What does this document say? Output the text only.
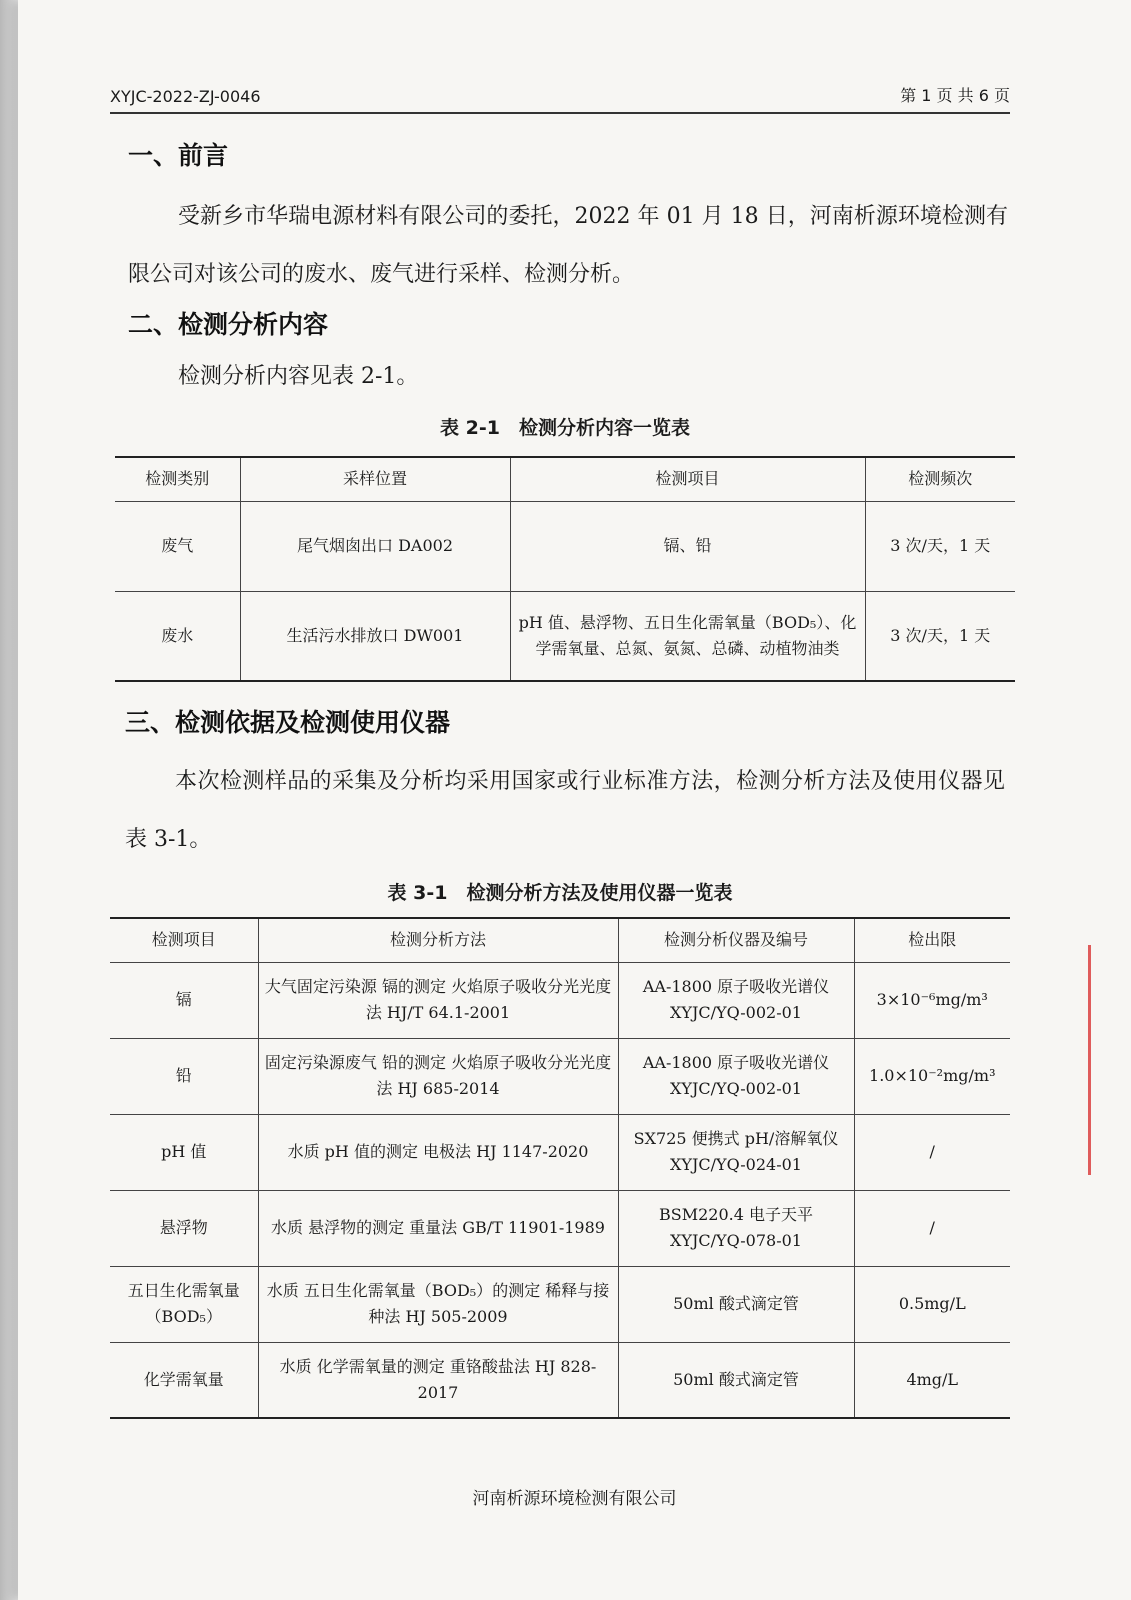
XYJC-2022-ZJ-0046	第 1 页 共 6 页
一、前言
受新乡市华瑞电源材料有限公司的委托，2022 年 01 月 18 日，河南析源环境检测有限公司对该公司的废水、废气进行采样、检测分析。
二、检测分析内容
检测分析内容见表 2-1。
表 2-1　检测分析内容一览表
检测类别	采样位置	检测项目	检测频次
废气	尾气烟囱出口 DA002	镉、铅	3 次/天，1 天
废水	生活污水排放口 DW001	pH 值、悬浮物、五日生化需氧量（BOD₅）、化学需氧量、总氮、氨氮、总磷、动植物油类	3 次/天，1 天
三、检测依据及检测使用仪器
本次检测样品的采集及分析均采用国家或行业标准方法，检测分析方法及使用仪器见表 3-1。
表 3-1　检测分析方法及使用仪器一览表
检测项目	检测分析方法	检测分析仪器及编号	检出限
镉	大气固定污染源 镉的测定 火焰原子吸收分光光度法 HJ/T 64.1-2001	AA-1800 原子吸收光谱仪 XYJC/YQ-002-01	3×10⁻⁶mg/m³
铅	固定污染源废气 铅的测定 火焰原子吸收分光光度法 HJ 685-2014	AA-1800 原子吸收光谱仪 XYJC/YQ-002-01	1.0×10⁻²mg/m³
pH 值	水质 pH 值的测定 电极法 HJ 1147-2020	SX725 便携式 pH/溶解氧仪 XYJC/YQ-024-01	/
悬浮物	水质 悬浮物的测定 重量法 GB/T 11901-1989	BSM220.4 电子天平 XYJC/YQ-078-01	/
五日生化需氧量（BOD₅）	水质 五日生化需氧量（BOD₅）的测定 稀释与接种法 HJ 505-2009	50ml 酸式滴定管	0.5mg/L
化学需氧量	水质 化学需氧量的测定 重铬酸盐法 HJ 828-2017	50ml 酸式滴定管	4mg/L
河南析源环境检测有限公司
